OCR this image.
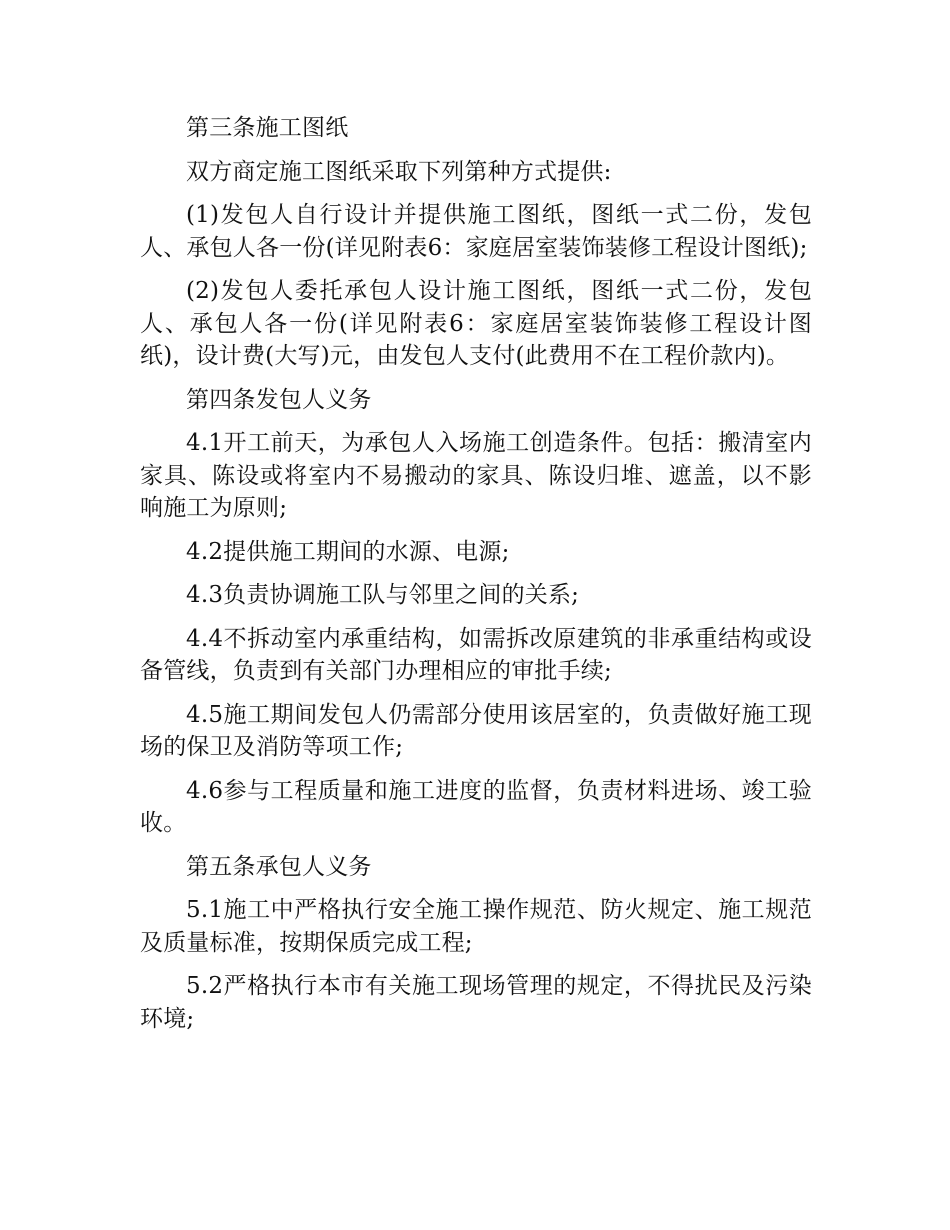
第三条施工图纸

双方商定施工图纸采取下列第种方式提供:

(1)发包人自行设计并提供施工图纸，图纸一式二份，发包人、承包人各一份(详见附表6：家庭居室装饰装修工程设计图纸);

(2)发包人委托承包人设计施工图纸，图纸一式二份，发包人、承包人各一份(详见附表6：家庭居室装饰装修工程设计图纸)，设计费(大写)元，由发包人支付(此费用不在工程价款内)。

第四条发包人义务

4.1开工前天，为承包人入场施工创造条件。包括：搬清室内家具、陈设或将室内不易搬动的家具、陈设归堆、遮盖，以不影响施工为原则;

4.2提供施工期间的水源、电源;

4.3负责协调施工队与邻里之间的关系;

4.4不拆动室内承重结构，如需拆改原建筑的非承重结构或设备管线，负责到有关部门办理相应的审批手续;

4.5施工期间发包人仍需部分使用该居室的，负责做好施工现场的保卫及消防等项工作;

4.6参与工程质量和施工进度的监督，负责材料进场、竣工验收。

第五条承包人义务

5.1施工中严格执行安全施工操作规范、防火规定、施工规范及质量标准，按期保质完成工程;

5.2严格执行本市有关施工现场管理的规定，不得扰民及污染环境;
